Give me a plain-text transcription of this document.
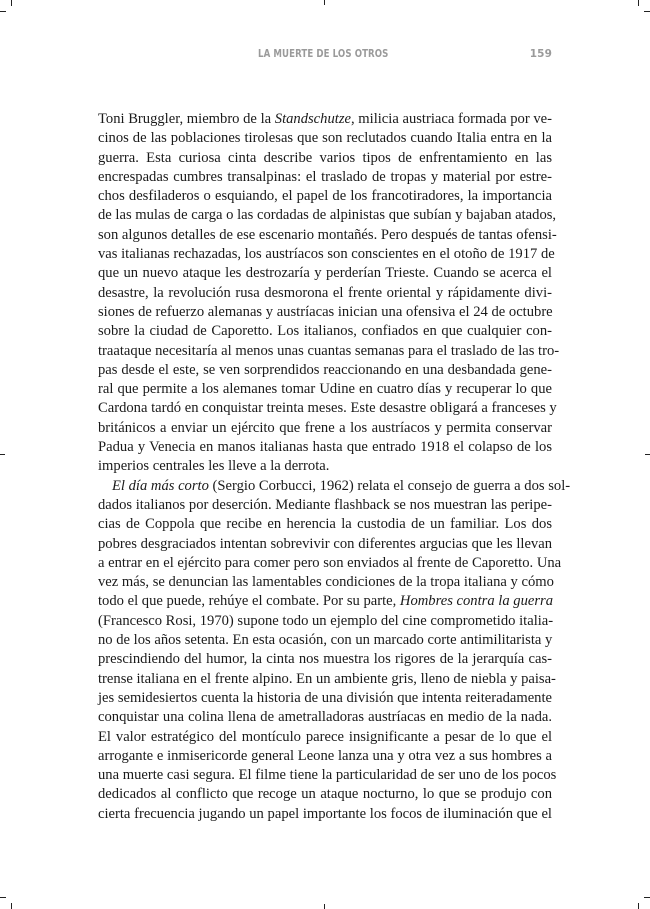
LA MUERTE DE LOS OTROS	159

Toni Bruggler, miembro de la Standschutze, milicia austriaca formada por ve-
cinos de las poblaciones tirolesas que son reclutados cuando Italia entra en la
guerra. Esta curiosa cinta describe varios tipos de enfrentamiento en las
encrespadas cumbres transalpinas: el traslado de tropas y material por estre-
chos desfiladeros o esquiando, el papel de los francotiradores, la importancia
de las mulas de carga o las cordadas de alpinistas que subían y bajaban atados,
son algunos detalles de ese escenario montañés. Pero después de tantas ofensi-
vas italianas rechazadas, los austríacos son conscientes en el otoño de 1917 de
que un nuevo ataque les destrozaría y perderían Trieste. Cuando se acerca el
desastre, la revolución rusa desmorona el frente oriental y rápidamente divi-
siones de refuerzo alemanas y austríacas inician una ofensiva el 24 de octubre
sobre la ciudad de Caporetto. Los italianos, confiados en que cualquier con-
traataque necesitaría al menos unas cuantas semanas para el traslado de las tro-
pas desde el este, se ven sorprendidos reaccionando en una desbandada gene-
ral que permite a los alemanes tomar Udine en cuatro días y recuperar lo que
Cardona tardó en conquistar treinta meses. Este desastre obligará a franceses y
británicos a enviar un ejército que frene a los austríacos y permita conservar
Padua y Venecia en manos italianas hasta que entrado 1918 el colapso de los
imperios centrales les lleve a la derrota.

El día más corto (Sergio Corbucci, 1962) relata el consejo de guerra a dos sol-
dados italianos por deserción. Mediante flashback se nos muestran las peripe-
cias de Coppola que recibe en herencia la custodia de un familiar. Los dos
pobres desgraciados intentan sobrevivir con diferentes argucias que les llevan
a entrar en el ejército para comer pero son enviados al frente de Caporetto. Una
vez más, se denuncian las lamentables condiciones de la tropa italiana y cómo
todo el que puede, rehúye el combate. Por su parte, Hombres contra la guerra
(Francesco Rosi, 1970) supone todo un ejemplo del cine comprometido italia-
no de los años setenta. En esta ocasión, con un marcado corte antimilitarista y
prescindiendo del humor, la cinta nos muestra los rigores de la jerarquía cas-
trense italiana en el frente alpino. En un ambiente gris, lleno de niebla y paisa-
jes semidesiertos cuenta la historia de una división que intenta reiteradamente
conquistar una colina llena de ametralladoras austríacas en medio de la nada.
El valor estratégico del montículo parece insignificante a pesar de lo que el
arrogante e inmisericorde general Leone lanza una y otra vez a sus hombres a
una muerte casi segura. El filme tiene la particularidad de ser uno de los pocos
dedicados al conflicto que recoge un ataque nocturno, lo que se produjo con
cierta frecuencia jugando un papel importante los focos de iluminación que el
